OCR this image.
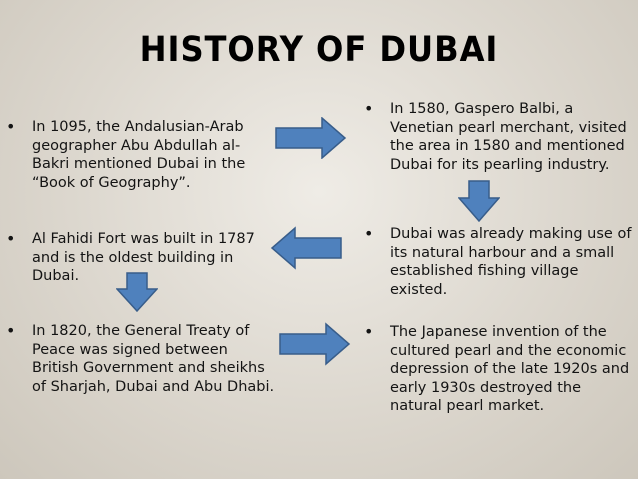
HISTORY OF DUBAI
• In 1095, the Andalusian-Arab geographer Abu Abdullah al-Bakri mentioned Dubai in the “Book of Geography”.
• Al Fahidi Fort was built in 1787 and is the oldest building in Dubai.
• In 1820, the General Treaty of Peace was signed between British Government and sheikhs of Sharjah, Dubai and Abu Dhabi.
• In 1580, Gaspero Balbi, a Venetian pearl merchant, visited the area in 1580 and mentioned Dubai for its pearling industry.
• Dubai was already making use of its natural harbour and a small established fishing village existed.
• The Japanese invention of the cultured pearl and the economic depression of the late 1920s and early 1930s destroyed the natural pearl market.
